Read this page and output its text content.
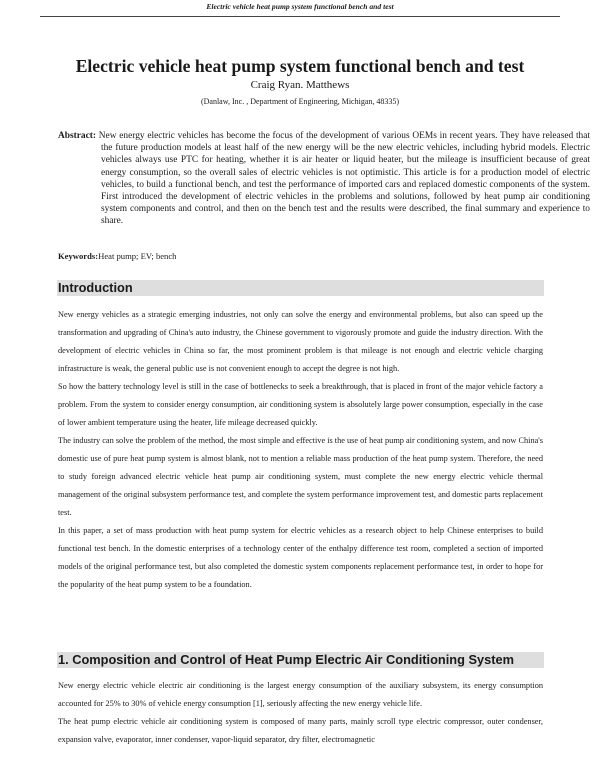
Electric vehicle heat pump system functional bench and test
Electric vehicle heat pump system functional bench and test
Craig Ryan. Matthews
(Danlaw, Inc. , Department of Engineering, Michigan, 48335)

Abstract: New energy electric vehicles has become the focus of the development of various OEMs in recent years. They have released that the future production models at least half of the new energy will be the new electric vehicles, including hybrid models. Electric vehicles always use PTC for heating, whether it is air heater or liquid heater, but the mileage is insufficient because of great energy consumption, so the overall sales of electric vehicles is not optimistic. This article is for a production model of electric vehicles, to build a functional bench, and test the performance of imported cars and replaced domestic components of the system. First introduced the development of electric vehicles in the problems and solutions, followed by heat pump air conditioning system components and control, and then on the bench test and the results were described, the final summary and experience to share.

Keywords:Heat pump; EV; bench

Introduction

New energy vehicles as a strategic emerging industries, not only can solve the energy and environmental problems, but also can speed up the transformation and upgrading of China's auto industry, the Chinese government to vigorously promote and guide the industry direction. With the development of electric vehicles in China so far, the most prominent problem is that mileage is not enough and electric vehicle charging infrastructure is weak, the general public use is not convenient enough to accept the degree is not high.

So how the battery technology level is still in the case of bottlenecks to seek a breakthrough, that is placed in front of the major vehicle factory a problem. From the system to consider energy consumption, air conditioning system is absolutely large power consumption, especially in the case of lower ambient temperature using the heater, life mileage decreased quickly.

The industry can solve the problem of the method, the most simple and effective is the use of heat pump air conditioning system, and now China's domestic use of pure heat pump system is almost blank, not to mention a reliable mass production of the heat pump system. Therefore, the need to study foreign advanced electric vehicle heat pump air conditioning system, must complete the new energy electric vehicle thermal management of the original subsystem performance test, and complete the system performance improvement test, and domestic parts replacement test.

In this paper, a set of mass production with heat pump system for electric vehicles as a research object to help Chinese enterprises to build functional test bench. In the domestic enterprises of a technology center of the enthalpy difference test room, completed a section of imported models of the original performance test, but also completed the domestic system components replacement performance test, in order to hope for the popularity of the heat pump system to be a foundation.

1. Composition and Control of Heat Pump Electric Air Conditioning System

New energy electric vehicle electric air conditioning is the largest energy consumption of the auxiliary subsystem, its energy consumption accounted for 25% to 30% of vehicle energy consumption [1], seriously affecting the new energy vehicle life.

The heat pump electric vehicle air conditioning system is composed of many parts, mainly scroll type electric compressor, outer condenser, expansion valve, evaporator, inner condenser, vapor-liquid separator, dry filter, electromagnetic
